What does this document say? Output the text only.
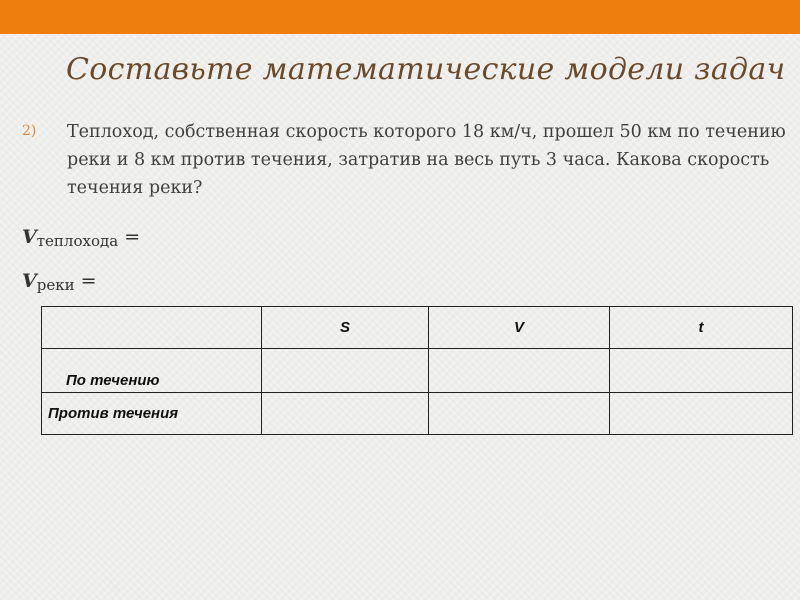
Составьте математические модели задач
2) Теплоход, собственная скорость которого 18 км/ч, прошел 50 км по течению реки и 8 км против течения, затратив на весь путь 3 часа. Какова скорость течения реки?
Vтеплохода =
Vреки =
	S	V	t
По течению			
Против течения			
